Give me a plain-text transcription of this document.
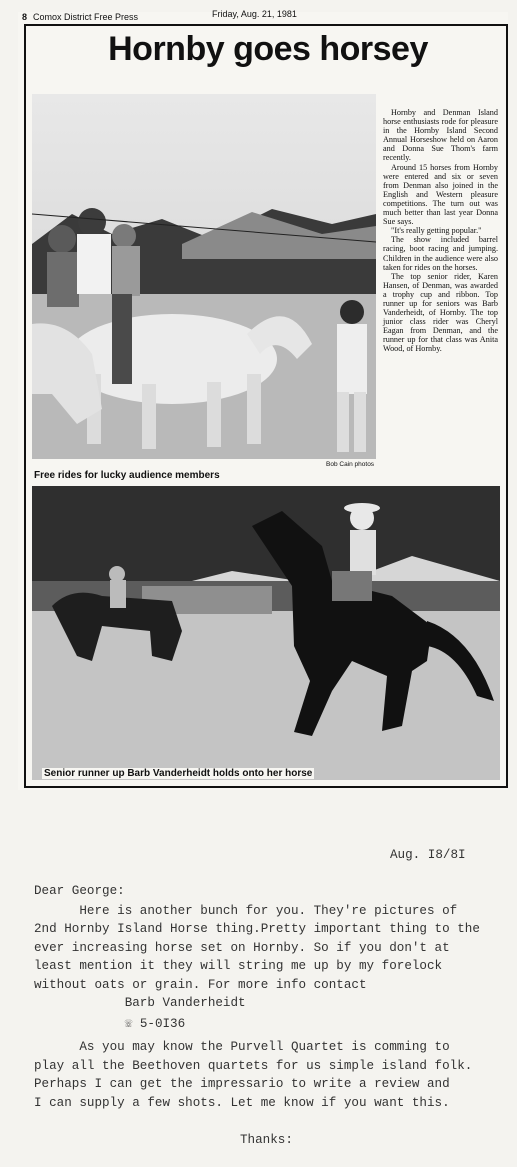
8 Comox District Free Press	Friday, Aug. 21, 1981
Hornby goes horsey

Hornby and Denman Island horse enthusiasts rode for pleasure in the Hornby Island Second Annual Horseshow held on Aaron and Donna Sue Thom's farm recently.

Around 15 horses from Hornby were entered and six or seven from Denman also joined in the English and Western pleasure competitions. The turn out was much better than last year Donna Sue says.

"It's really getting popular."

The show included barrel racing, boot racing and jumping. Children in the audience were also taken for rides on the horses.

The top senior rider, Karen Hansen, of Denman, was awarded a trophy cup and ribbon. Top runner up for seniors was Barb Vanderheidt, of Hornby. The top junior class rider was Cheryl Eagan from Denman, and the runner up for that class was Anita Wood, of Hornby.

Bob Cain photos
Free rides for lucky audience members
Senior runner up Barb Vanderheidt holds onto her horse
Aug. I8/8I
Dear George:
Here is another bunch for you. They're pictures of
2nd Hornby Island Horse thing.Pretty important thing to the
ever increasing horse set on Hornby. So if you don't at
least mention it they will string me up by my forelock
without oats or grain. For more info contact
Barb Vanderheidt
☏ 5-0I36
As you may know the Purvell Quartet is comming to
play all the Beethoven quartets for us simple island folk.
Perhaps I can get the impressario to write a review and
I can supply a few shots. Let me know if you want this.
Thanks:
